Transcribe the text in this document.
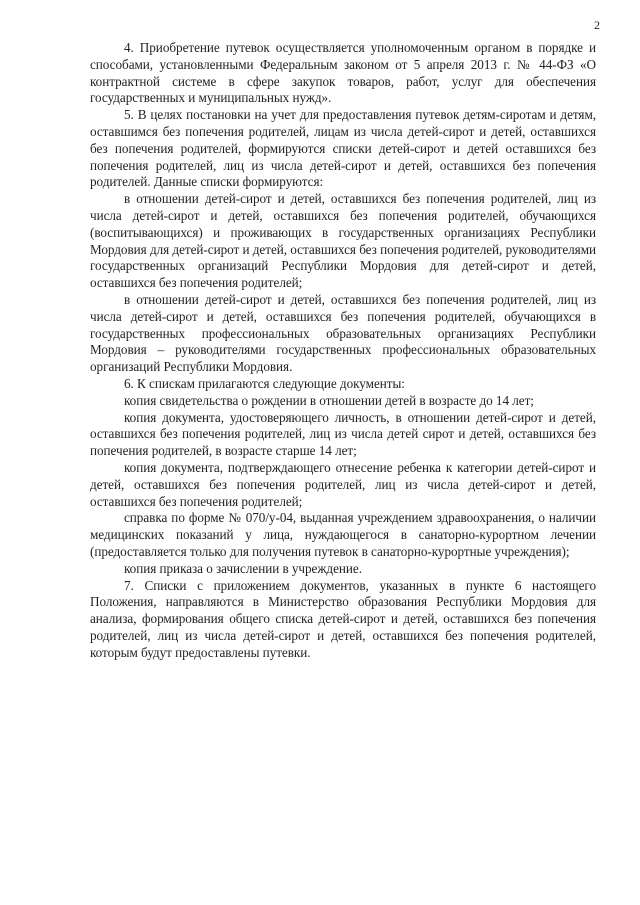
2

4. Приобретение путевок осуществляется уполномоченным органом в порядке и способами, установленными Федеральным законом от 5 апреля 2013 г. № 44-ФЗ «О контрактной системе в сфере закупок товаров, работ, услуг для обеспечения государственных и муниципальных нужд».

5. В целях постановки на учет для предоставления путевок детям-сиротам и детям, оставшимся без попечения родителей, лицам из числа детей-сирот и детей, оставшихся без попечения родителей, формируются списки детей-сирот и детей оставшихся без попечения родителей, лиц из числа детей-сирот и детей, оставшихся без попечения родителей. Данные списки формируются:

в отношении детей-сирот и детей, оставшихся без попечения родителей, лиц из числа детей-сирот и детей, оставшихся без попечения родителей, обучающихся (воспитывающихся) и проживающих в государственных организациях Республики Мордовия для детей-сирот и детей, оставшихся без попечения родителей, руководителями государственных организаций Республики Мордовия для детей-сирот и детей, оставшихся без попечения родителей;

в отношении детей-сирот и детей, оставшихся без попечения родителей, лиц из числа детей-сирот и детей, оставшихся без попечения родителей, обучающихся в государственных профессиональных образовательных организациях Республики Мордовия – руководителями государственных профессиональных образовательных организаций Республики Мордовия.

6. К спискам прилагаются следующие документы:

копия свидетельства о рождении в отношении детей в возрасте до 14 лет;

копия документа, удостоверяющего личность, в отношении детей-сирот и детей, оставшихся без попечения родителей, лиц из числа детей сирот и детей, оставшихся без попечения родителей, в возрасте старше 14 лет;

копия документа, подтверждающего отнесение ребенка к категории детей-сирот и детей, оставшихся без попечения родителей, лиц из числа детей-сирот и детей, оставшихся без попечения родителей;

справка по форме № 070/у-04, выданная учреждением здравоохранения, о наличии медицинских показаний у лица, нуждающегося в санаторно-курортном лечении (предоставляется только для получения путевок в санаторно-курортные учреждения);

копия приказа о зачислении в учреждение.

7. Списки с приложением документов, указанных в пункте 6 настоящего Положения, направляются в Министерство образования Республики Мордовия для анализа, формирования общего списка детей-сирот и детей, оставшихся без попечения родителей, лиц из числа детей-сирот и детей, оставшихся без попечения родителей, которым будут предоставлены путевки.
